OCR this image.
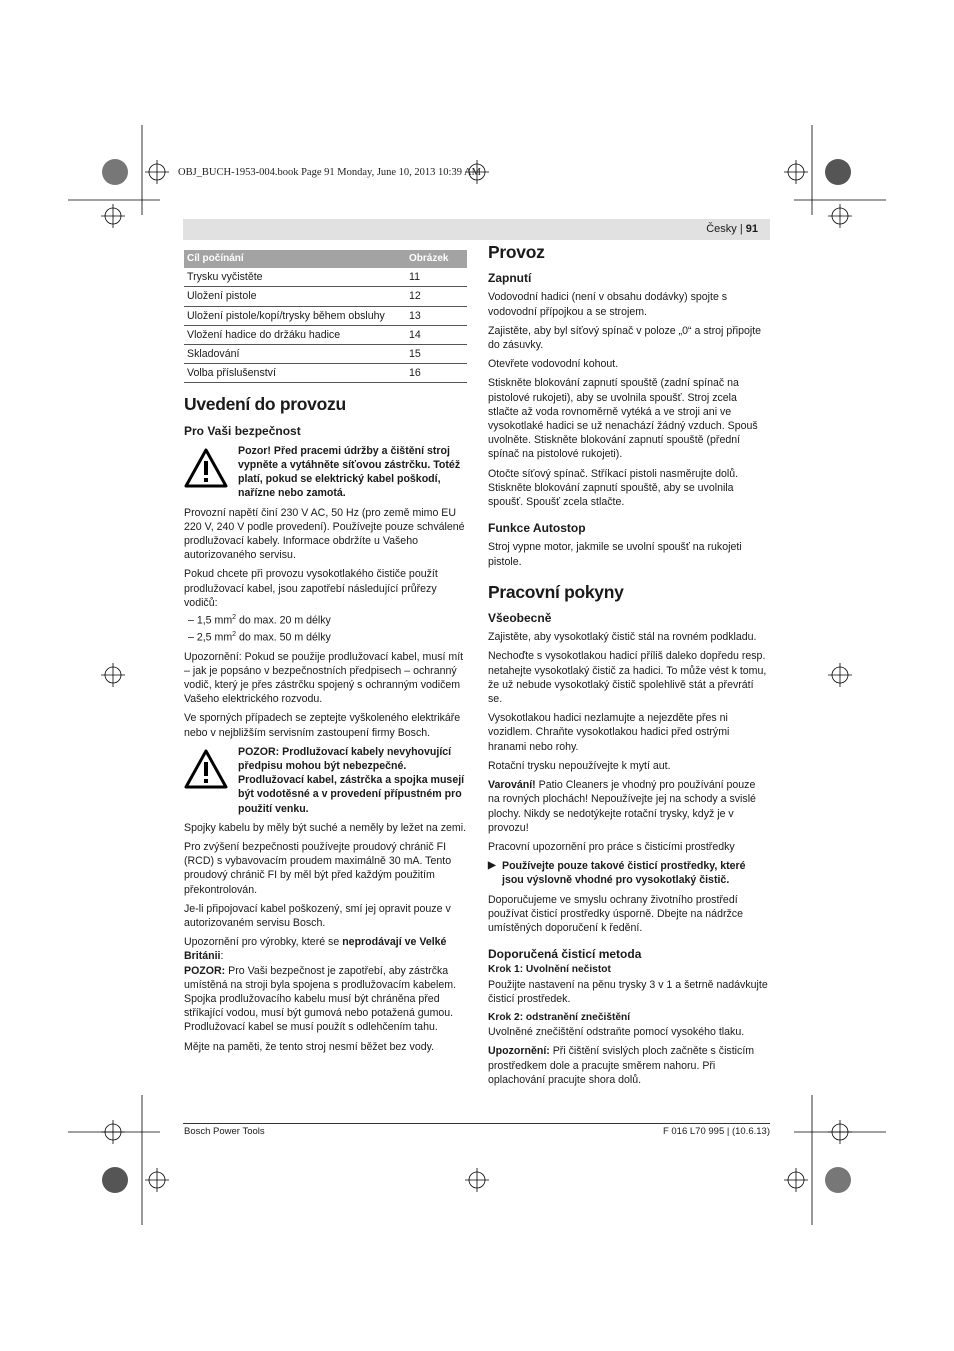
OBJ_BUCH-1953-004.book Page 91 Monday, June 10, 2013 10:39 AM
Česky | 91
Cíl počínání	Obrázek
Trysku vyčistěte	11
Uložení pistole	12
Uložení pistole/kopí/trysky během obsluhy	13
Vložení hadice do držáku hadice	14
Skladování	15
Volba příslušenství	16
Uvedení do provozu
Pro Vaši bezpečnost
Pozor! Před pracemi údržby a čištění stroj vypněte a vytáhněte síťovou zástrčku. Totéž platí, pokud se elektrický kabel poškodí, nařízne nebo zamotá.

Provozní napětí činí 230 V AC, 50 Hz (pro země mimo EU 220 V, 240 V podle provedení). Používejte pouze schválené prodlužovací kabely. Informace obdržíte u Vašeho autorizovaného servisu.

Pokud chcete při provozu vysokotlakého čističe použít prodlužovací kabel, jsou zapotřebí následující průřezy vodičů:

– 1,5 $mm^2$ do max. 20 m délky
– 2,5 $mm^2$ do max. 50 m délky

Upozornění: Pokud se použije prodlužovací kabel, musí mít – jak je popsáno v bezpečnostních předpisech – ochranný vodič, který je přes zástrčku spojený s ochranným vodičem Vašeho elektrického rozvodu.

Ve sporných případech se zeptejte vyškoleného elektrikáře nebo v nejbližším servisním zastoupení firmy Bosch.

POZOR: Prodlužovací kabely nevyhovující předpisu mohou být nebezpečné. Prodlužovací kabel, zástrčka a spojka musejí být vodotěsné a v provedení přípustném pro použití venku.

Spojky kabelu by měly být suché a neměly by ležet na zemi.

Pro zvýšení bezpečnosti používejte proudový chránič FI (RCD) s vybavovacím proudem maximálně 30 mA. Tento proudový chránič FI by měl být před každým použitím překontrolován.

Je-li připojovací kabel poškozený, smí jej opravit pouze v autorizovaném servisu Bosch.

Upozornění pro výrobky, které se neprodávají ve Velké Británii:

POZOR: Pro Vaši bezpečnost je zapotřebí, aby zástrčka umístěná na stroji byla spojena s prodlužovacím kabelem. Spojka prodlužovacího kabelu musí být chráněna před stříkající vodou, musí být gumová nebo potažená gumou. Prodlužovací kabel se musí použít s odlehčením tahu.

Mějte na paměti, že tento stroj nesmí běžet bez vody.

Provoz
Zapnutí

Vodovodní hadici (není v obsahu dodávky) spojte s vodovodní přípojkou a se strojem.

Zajistěte, aby byl síťový spínač v poloze „0“ a stroj připojte do zásuvky.

Otevřete vodovodní kohout.

Stiskněte blokování zapnutí spouště (zadní spínač na pistolové rukojeti), aby se uvolnila spoušť. Stroj zcela stlačte až voda rovnoměrně vytéká a ve stroji ani ve vysokotlaké hadici se už nenachází žádný vzduch. Spouš uvolněte. Stiskněte blokování zapnutí spouště (přední spínač na pistolové rukojeti).

Otočte síťový spínač. Stříkací pistoli nasměrujte dolů. Stiskněte blokování zapnutí spouště, aby se uvolnila spoušť. Spoušť zcela stlačte.

Funkce Autostop

Stroj vypne motor, jakmile se uvolní spoušť na rukojeti pistole.

Pracovní pokyny
Všeobecně

Zajistěte, aby vysokotlaký čistič stál na rovném podkladu.

Nechoďte s vysokotlakou hadicí příliš daleko dopředu resp. netahejte vysokotlaký čistič za hadici. To může vést k tomu, že už nebude vysokotlaký čistič spolehlivě stát a převrátí se.

Vysokotlakou hadici nezlamujte a nejezděte přes ni vozidlem. Chraňte vysokotlakou hadici před ostrými hranami nebo rohy.

Rotační trysku nepoužívejte k mytí aut.

Varování! Patio Cleaners je vhodný pro používání pouze na rovných plochách! Nepoužívejte jej na schody a svislé plochy. Nikdy se nedotýkejte rotační trysky, když je v provozu!

Pracovní upozornění pro práce s čisticími prostředky

▶ Používejte pouze takové čisticí prostředky, které jsou výslovně vhodné pro vysokotlaký čistič.

Doporučujeme ve smyslu ochrany životního prostředí používat čisticí prostředky úsporně. Dbejte na nádržce umístěných doporučení k ředění.

Doporučená čisticí metoda
Krok 1: Uvolnění nečistot

Použijte nastavení na pěnu trysky 3 v 1 a šetrně nadávkujte čisticí prostředek.

Krok 2: odstranění znečištění

Uvolněné znečištění odstraňte pomocí vysokého tlaku.

Upozornění: Při čištění svislých ploch začněte s čisticím prostředkem dole a pracujte směrem nahoru. Při oplachování pracujte shora dolů.

Bosch Power Tools	F 016 L70 995 | (10.6.13)
